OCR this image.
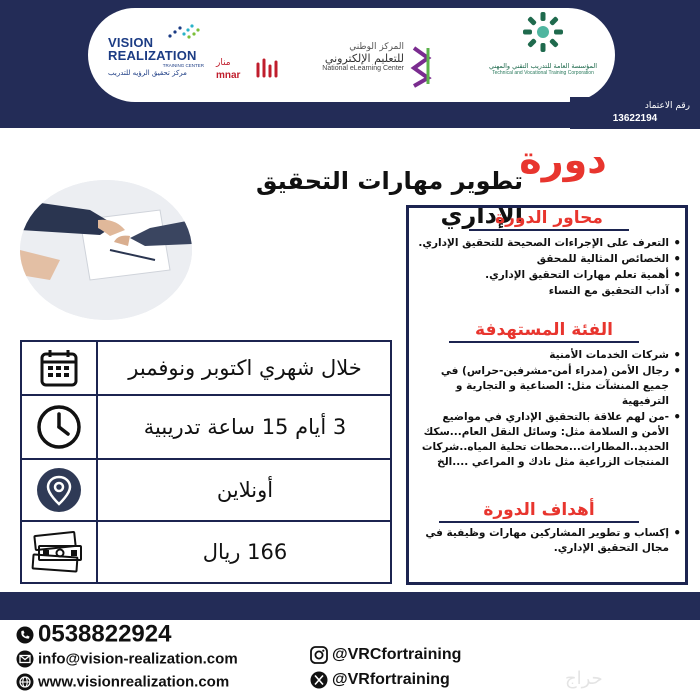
VISION REALIZATION
TRAINING CENTER
مركز تحقيق الرؤيه للتدريب
منار
mnar
المركز الوطني
للتعليم الإلكتروني
National eLearning Center	المؤسسة العامة للتدريب التقني والمهني
Technical and Vocational Training Corporation
رقم الاعتماد
13622194
دورة
تطوير مهارات التحقيق الإداري
خلال شهري اكتوبر ونوفمبر
3 أيام 15 ساعة تدريبية
أونلاين
166 ريال
محاور الدورة
• التعرف على الإجراءات الصحيحة للتحقيق الإداري.
• الخصائص المثالية للمحقق
• أهمية تعلم مهارات التحقيق الإداري.
• آداب التحقيق مع النساء
الفئة المستهدفة
• شركات الخدمات الأمنية
• رجال الأمن (مدراء أمن-مشرفين-حراس) في جميع المنشآت مثل: الصناعية و التجارية و الترفيهية
• -من لهم علاقة بالتحقيق الإداري في مواضيع الأمن و السلامة مثل: وسائل النقل العام...سكك الحديد..المطارات...محطات تحلية المياه..شركات المنتجات الزراعية مثل نادك و المراعي ....الخ
أهداف الدورة
• إكساب و تطوير المشاركين مهارات وظيفية في مجال التحقيق الإداري.
0538822924
info@vision-realization.com
www.visionrealization.com
@VRCfortraining
@VRfortraining	حراج
